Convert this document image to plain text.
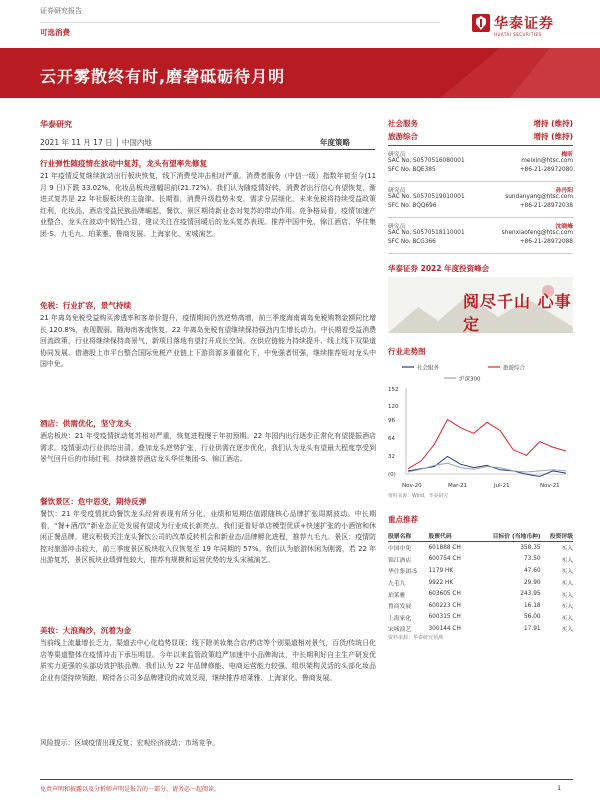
证券研究报告
可选消费
华泰证券
HUATAI SECURITIES
云开雾散终有时,磨砻砥砺待月明
华泰研究
2021 年 11 月 17 日 │ 中国内地	年度策略
行业弹性随疫情在波动中复苏，龙头有望率先修复
21 年疫情反复继续扰动出行板块恢复，线下消费受冲击相对严重。消费者服务（中信一级）指数年初至今(11 月 9 日)下跌 33.02%，化妆品板块涨幅居前(21.72%)。我们认为随疫情好转，消费者出行信心有望恢复，渐进式复苏是 22 年社服板块的主旋律。长期看，消费升级趋势未变，需求分层细化，未来免税将持续受益政策红利，化妆品、酒店受益民族品牌崛起，餐饮、景区期待新业态对复苏的带动作用。竞争格局看，疫情加速产业整合，龙头在波动中韧性凸显，建议关注在疫情回暖后的龙头复苏表现。推荐中国中免、锦江酒店、华住集团-S、九毛九、珀莱雅、鲁商发展、上海家化、宋城演艺。
免税：行业扩容，景气持续
21 年离岛免税受益购买渗透率和客单价提升，疫情期间仍然逆势高增，前三季度海南离岛免税购物金额同比增长 120.8%，表现靓丽。随海南客流恢复，22 年离岛免税有望继续保持强劲内生增长动力。中长期看受益消费回流政策，行业将继续保持高景气，新项目落地有望打开成长空间。在供应链能力持续提升、线上线下双渠道协同发展、借港股上市平台整合国际免税产业链上下游资源多重催化下，中免强者恒强，继续推荐短对龙头中国中免。
酒店：供需优化，坚守龙头
酒店板块：21 年受疫情扰动复苏相对严重，恢复进程慢于年初预期。22 年国内出行逐步正常化有望提振酒店需求。疫情驱动行业供给出清，叠加龙头逆势扩张，行业供需在逐步优化，我们认为龙头有望最大程度享受到景气回升后的市场红利，持续推荐酒店龙头华住集团-S、锦江酒店。
餐饮景区：危中思变，期待反弹
餐饮：21 年受疫情扰动餐饮龙头经营表现有所分化，业绩和短期估值跟随核心品牌扩张周期波动。中长期看，“餐+酒/饮”新业态正处发展有望成为行业成长新亮点。我们更看好单店模型优质+快速扩张的小酒馆和休闲正餐品牌，建议积极关注龙头餐饮公司的改革反转机会和新业态/品牌孵化进程，推荐九毛九。景区：疫情防控对旅游冲击较大，前三季度景区板块收入仅恢复至 19 年同期的 57%。我们认为旅游休闲为刚需，若 22 年出游复苏，景区板块业绩弹性较大，推荐有规模和运营优势的龙头宋城演艺。
美妆：大浪淘沙，沉着为金
当前线上流量增长乏力，渠道去中心化趋势显现；线下除美妆集合店/药店等个别渠道相对景气，百货/传统日化店等渠道整体在疫情冲击下承压明显。今年以来监管政策趋严加速中小品牌淘汰，中长期利好自主生产研发优质实力更强的头部功效护肤品牌。我们认为 22 年品牌修能、电商运营能力较强、组织架构灵活的头部化妆品企业有望持续领跑，期待各公司多品牌建设的成效兑现，继续推荐珀莱雅、上海家化、鲁商发展。
风险提示：区域疫情出现反复；宏观经济波动；市场竞争。
社会服务	增持 (维持)
旅游综合	增持 (维持)
研究员
SAC No. S0570516080001
SFC No. BQE385
梅昕
meixin@htsc.com
+86-21-28972080
研究员
SAC No. S0570519010001
SFC No. BQQ696
孙丹阳
sundanyang@htsc.com
+86-21-28972038
研究员
SAC No. S0570518110001
SFC No. BCG366
沈晓峰
shenxiaofeng@htsc.com
+86-21-28972088
华泰证券 2022 年度投资峰会
阅尽千山 心事定
行业走势图
社会服务	旅游综合
沪深300
152
120
96
64
32
(0)
Nov-20	Mar-21	Jul-21	Nov-21
资料来源：Wind，华泰研究
重点推荐
股票名称	股票代码	目标价 (当地币种)	投资评级
中国中免	601888 CH	358.35	买入
锦江酒店	600754 CH	73.50	买入
华住集团-S	1179 HK	47.60	买入
九毛九	9922 HK	29.90	买入
珀莱雅	603605 CH	243.95	买入
鲁商发展	600223 CH	16.18	买入
上海家化	600315 CH	56.00	买入
宋城演艺	300144 CH	17.91	买入
资料来源：华泰研究预测
免责声明和披露以及分析师声明是报告的一部分，请务必一起阅读。	1
